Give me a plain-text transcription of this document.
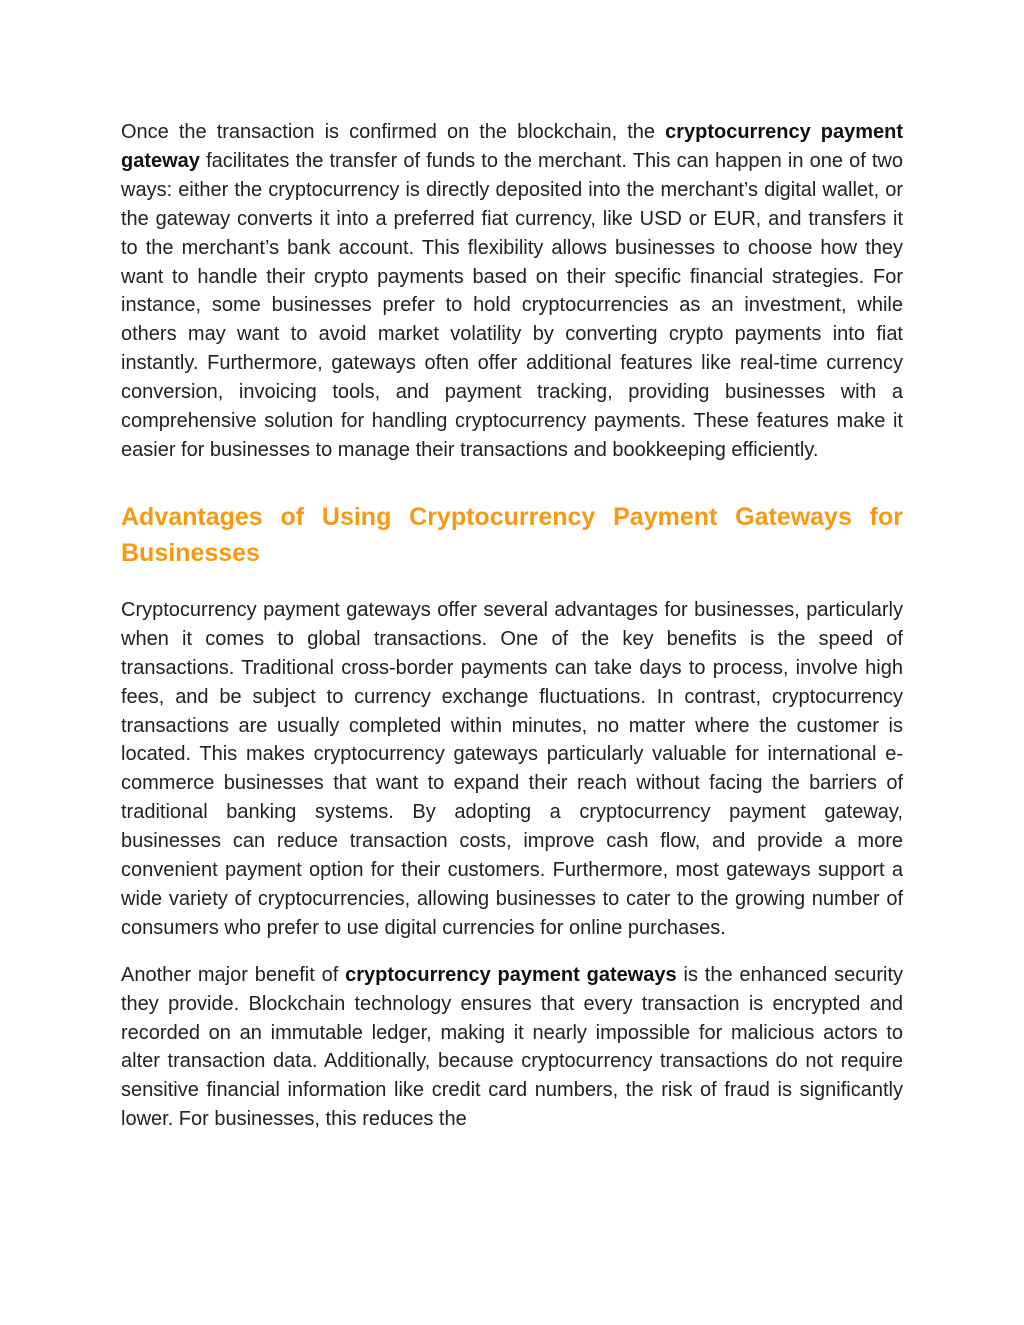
Once the transaction is confirmed on the blockchain, the cryptocurrency payment gateway facilitates the transfer of funds to the merchant. This can happen in one of two ways: either the cryptocurrency is directly deposited into the merchant’s digital wallet, or the gateway converts it into a preferred fiat currency, like USD or EUR, and transfers it to the merchant’s bank account. This flexibility allows businesses to choose how they want to handle their crypto payments based on their specific financial strategies. For instance, some businesses prefer to hold cryptocurrencies as an investment, while others may want to avoid market volatility by converting crypto payments into fiat instantly. Furthermore, gateways often offer additional features like real-time currency conversion, invoicing tools, and payment tracking, providing businesses with a comprehensive solution for handling cryptocurrency payments. These features make it easier for businesses to manage their transactions and bookkeeping efficiently.

Advantages of Using Cryptocurrency Payment Gateways for Businesses

Cryptocurrency payment gateways offer several advantages for businesses, particularly when it comes to global transactions. One of the key benefits is the speed of transactions. Traditional cross-border payments can take days to process, involve high fees, and be subject to currency exchange fluctuations. In contrast, cryptocurrency transactions are usually completed within minutes, no matter where the customer is located. This makes cryptocurrency gateways particularly valuable for international e-commerce businesses that want to expand their reach without facing the barriers of traditional banking systems. By adopting a cryptocurrency payment gateway, businesses can reduce transaction costs, improve cash flow, and provide a more convenient payment option for their customers. Furthermore, most gateways support a wide variety of cryptocurrencies, allowing businesses to cater to the growing number of consumers who prefer to use digital currencies for online purchases.

Another major benefit of cryptocurrency payment gateways is the enhanced security they provide. Blockchain technology ensures that every transaction is encrypted and recorded on an immutable ledger, making it nearly impossible for malicious actors to alter transaction data. Additionally, because cryptocurrency transactions do not require sensitive financial information like credit card numbers, the risk of fraud is significantly lower. For businesses, this reduces the
